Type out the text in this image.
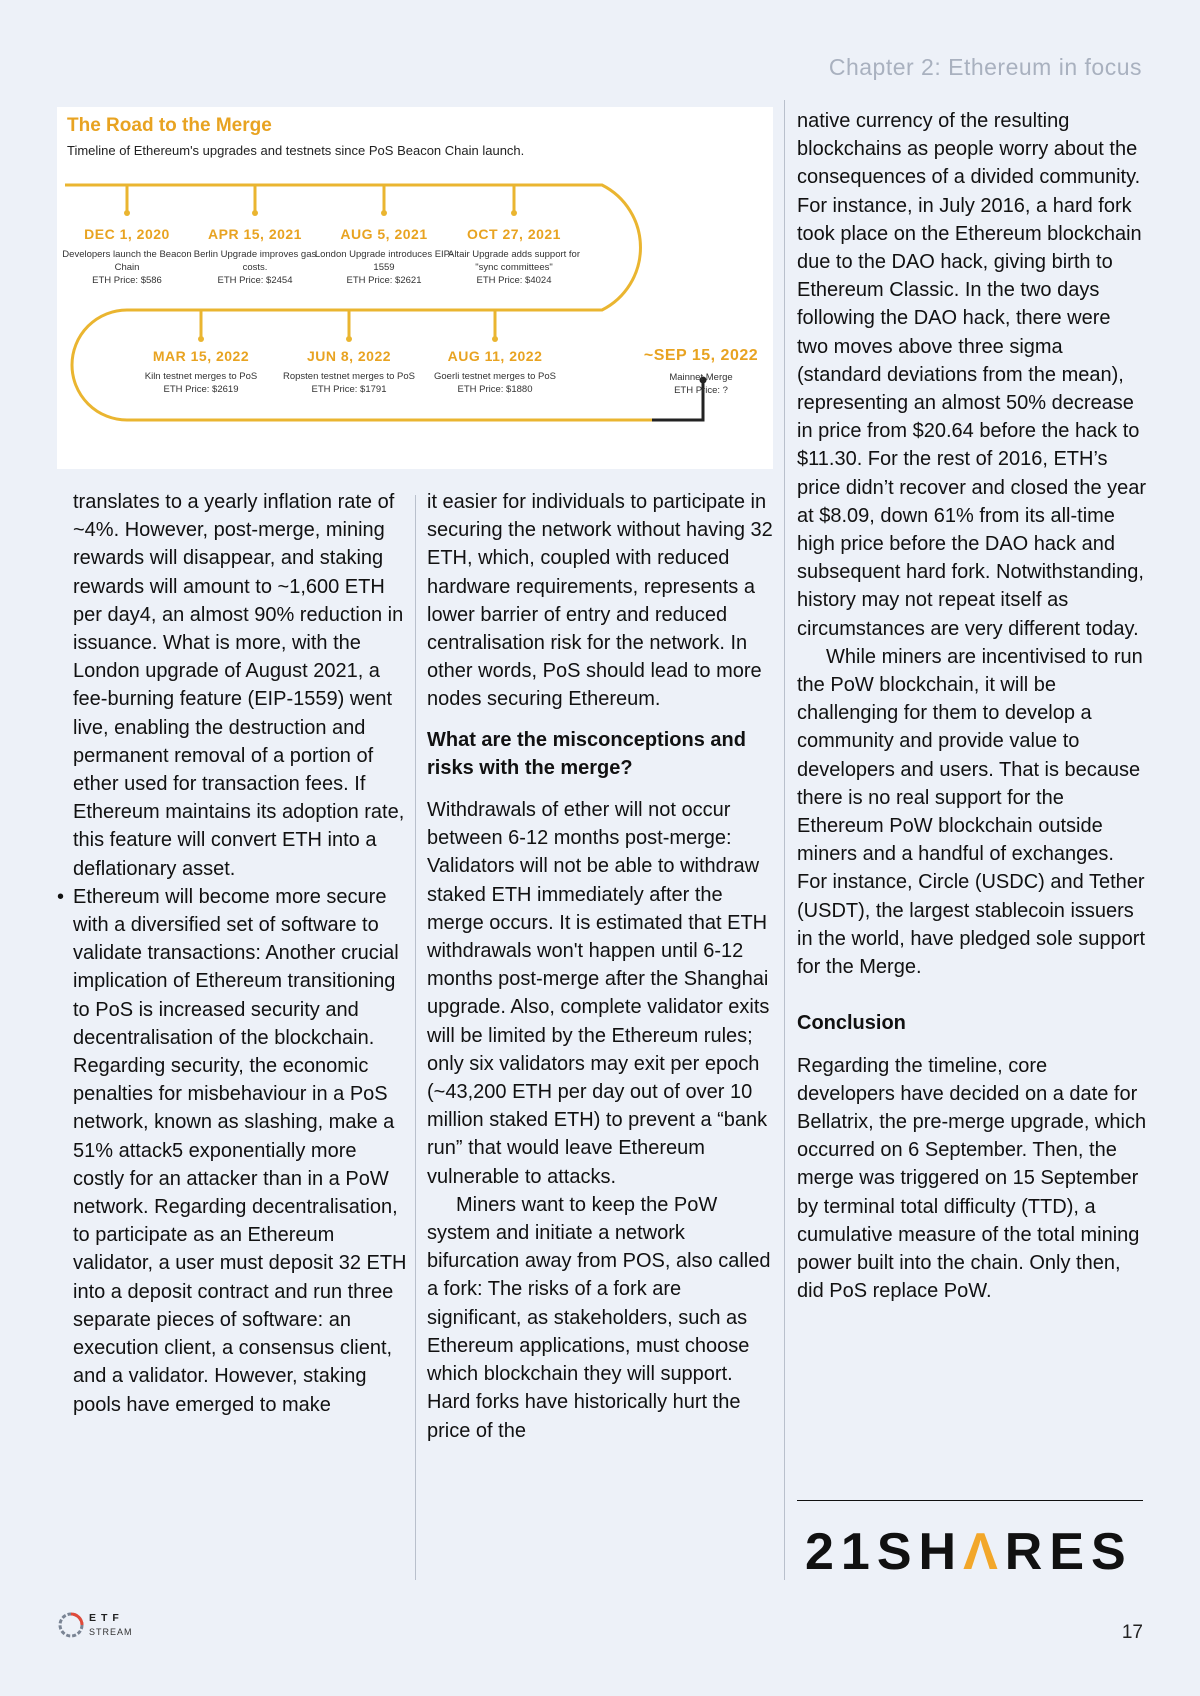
Chapter 2: Ethereum in focus
The Road to the Merge
Timeline of Ethereum's upgrades and testnets since PoS Beacon Chain launch.
DEC 1, 2020
Developers launch the Beacon Chain
ETH Price: $586
APR 15, 2021
Berlin Upgrade improves gas costs.
ETH Price: $2454
AUG 5, 2021
London Upgrade introduces EIP-1559
ETH Price: $2621
OCT 27, 2021
Altair Upgrade adds support for "sync committees"
ETH Price: $4024
MAR 15, 2022
Kiln testnet merges to PoS
ETH Price: $2619
JUN 8, 2022
Ropsten testnet merges to PoS
ETH Price: $1791
AUG 11, 2022
Goerli testnet merges to PoS
ETH Price: $1880
~SEP 15, 2022
Mainnet Merge
ETH Price: ?

translates to a yearly inflation rate of ~4%. However, post-merge, mining rewards will disappear, and staking rewards will amount to ~1,600 ETH per day4, an almost 90% reduction in issuance. What is more, with the London upgrade of August 2021, a fee-burning feature (EIP-1559) went live, enabling the destruction and permanent removal of a portion of ether used for transaction fees. If Ethereum maintains its adoption rate, this feature will convert ETH into a deflationary asset.

• Ethereum will become more secure with a diversified set of software to validate transactions: Another crucial implication of Ethereum transitioning to PoS is increased security and decentralisation of the blockchain. Regarding security, the economic penalties for misbehaviour in a PoS network, known as slashing, make a 51% attack5 exponentially more costly for an attacker than in a PoW network. Regarding decentralisation, to participate as an Ethereum validator, a user must deposit 32 ETH into a deposit contract and run three separate pieces of software: an execution client, a consensus client, and a validator. However, staking pools have emerged to make

it easier for individuals to participate in securing the network without having 32 ETH, which, coupled with reduced hardware requirements, represents a lower barrier of entry and reduced centralisation risk for the network. In other words, PoS should lead to more nodes securing Ethereum.

What are the misconceptions and risks with the merge?

Withdrawals of ether will not occur between 6-12 months post-merge: Validators will not be able to withdraw staked ETH immediately after the merge occurs. It is estimated that ETH withdrawals won't happen until 6-12 months post-merge after the Shanghai upgrade. Also, complete validator exits will be limited by the Ethereum rules; only six validators may exit per epoch (~43,200 ETH per day out of over 10 million staked ETH) to prevent a “bank run” that would leave Ethereum vulnerable to attacks.

Miners want to keep the PoW system and initiate a network bifurcation away from POS, also called a fork: The risks of a fork are significant, as stakeholders, such as Ethereum applications, must choose which blockchain they will support. Hard forks have historically hurt the price of the

native currency of the resulting blockchains as people worry about the consequences of a divided community. For instance, in July 2016, a hard fork took place on the Ethereum blockchain due to the DAO hack, giving birth to Ethereum Classic. In the two days following the DAO hack, there were two moves above three sigma (standard deviations from the mean), representing an almost 50% decrease in price from $20.64 before the hack to $11.30. For the rest of 2016, ETH’s price didn’t recover and closed the year at $8.09, down 61% from its all-time high price before the DAO hack and subsequent hard fork. Notwithstanding, history may not repeat itself as circumstances are very different today.

While miners are incentivised to run the PoW blockchain, it will be challenging for them to develop a community and provide value to developers and users. That is because there is no real support for the Ethereum PoW blockchain outside miners and a handful of exchanges. For instance, Circle (USDC) and Tether (USDT), the largest stablecoin issuers in the world, have pledged sole support for the Merge.

Conclusion

Regarding the timeline, core developers have decided on a date for Bellatrix, the pre-merge upgrade, which occurred on 6 September. Then, the merge was triggered on 15 September by terminal total difficulty (TTD), a cumulative measure of the total mining power built into the chain. Only then, did PoS replace PoW.

21SHΛRES
ETF
STREAM	17
